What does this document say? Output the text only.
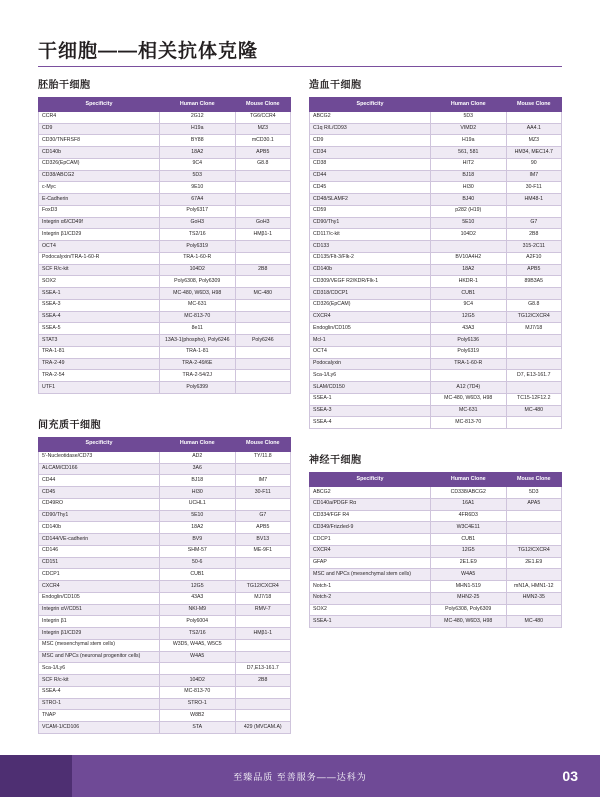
干细胞——相关抗体克隆
胚胎干细胞
Specificity	Human Clone	Mouse Clone
CCR4	2G12	TG6/CCR4
CD9	H19a	MZ3
CD30/TNFRSF8	BY88	mCD30.1
CD140b	18A2	APB5
CD326(EpCAM)	9C4	G8.8
CD38/ABCG2	5D3	
c-Myc	9E10	
E-Cadherin	67A4	
FoxD3	Poly6317	
Integrin α6/CD49f	GoH3	GoH3
Integrin β1/CD29	TS2/16	HMβ1-1
OCT4	Poly6319	
Podocalyxin/TRA-1-60-R	TRA-1-60-R	
SCF R/c-kit	104D2	2B8
SOX2	Poly6308, Poly6309	
SSEA-1	MC-480, W6D3, H98	MC-480
SSEA-3	MC-631	
SSEA-4	MC-813-70	
SSEA-5	8e11	
STAT3	13A3-1(phospho), Poly6246	Poly6246
TRA-1-81	TRA-1-81	
TRA-2-49	TRA-2-49/6E	
TRA-2-54	TRA-2-54/2J	
UTF1	Poly6399	
间充质干细胞
Specificity	Human Clone	Mouse Clone
5'-Nucleotidase/CD73	AD2	TY/11.8
ALCAM/CD166	3A6	
CD44	BJ18	IM7
CD45	HI30	30-F11
CD49RO	UCHL1	
CD90/Thy1	5E10	G7
CD140b	18A2	APB5
CD144/VE-cadherin	BV9	BV13
CD146	SHM-57	ME-9F1
CD151	50-6	
CDCP1	CUB1	
CXCR4	12G5	TG12/CXCR4
Endoglin/CD105	43A3	MJ7/18
Integrin αV/CD51	NKI-M9	RMV-7
Integrin β1	Poly6004	
Integrin β1/CD29	TS2/16	HMβ1-1
MSC (mesenchymal stem cells)	W3D5, W4A5, W5C5	
MSC and NPCs (neuronal progenitor cells)	W4A5	
Sca-1/Ly6		D7,E13-161.7
SCF R/c-kit	104D2	2B8
SSEA-4	MC-813-70	
STRO-1	STRO-1	
TNAP	W8B2	
VCAM-1/CD106	STA	429 (MVCAM.A)
造血干细胞
Specificity	Human Clone	Mouse Clone
ABCG2	5D3	
C1q R/L/CD93	VIMD2	AA4.1
CD9	H19a	MZ3
CD34	561, 581	HM34, MEC14.7
CD38	HIT2	90
CD44	BJ18	IM7
CD45	HI30	30-F11
CD48/SLAMF2	BJ40	HM48-1
CD59	p282 (H19)	
CD90/Thy1	5E10	G7
CD117/c-kit	104D2	2B8
CD133		315-2C11
CD135/Flt-3/Flk-2	BV10A4H2	A2F10
CD140b	18A2	APB5
CD309/VEGF R2/KDR/Flk-1	HKDR-1	89B3A5
CD318/CDCP1	CUB1	
CD326(EpCAM)	9C4	G8.8
CXCR4	12G5	TG12/CXCR4
Endoglin/CD105	43A3	MJ7/18
Mcl-1	Poly6136	
OCT4	Poly6319	
Podocalyxin	TRA-1-60-R	
Sca-1/Ly6		D7, E13-161.7
SLAM/CD150	A12 (7D4)	
SSEA-1	MC-480, W6D3, H98	TC15-12F12.2
SSEA-3	MC-631	MC-480
SSEA-4	MC-813-70	
神经干细胞
Specificity	Human Clone	Mouse Clone
ABCG2	CD338/ABCG2	5D3
CD140a/PDGF Rα	16A1	APA5
CD334/FGF R4	4FR6D3	
CD349/Frizzled-9	W3C4E11	
CDCP1	CUB1	
CXCR4	12G5	TG12/CXCR4
GFAP	2E1.E9	2E1.E9
MSC and NPCs (mesenchymal stem cells)	W4A5	
Notch-1	MHN1-519	mN1A, HMN1-12
Notch-2	MHN2-25	HMN2-35
SOX2	Poly6308, Poly6309	
SSEA-1	MC-480, W6D3, H98	MC-480
至臻品质 至善服务——达科为	03
